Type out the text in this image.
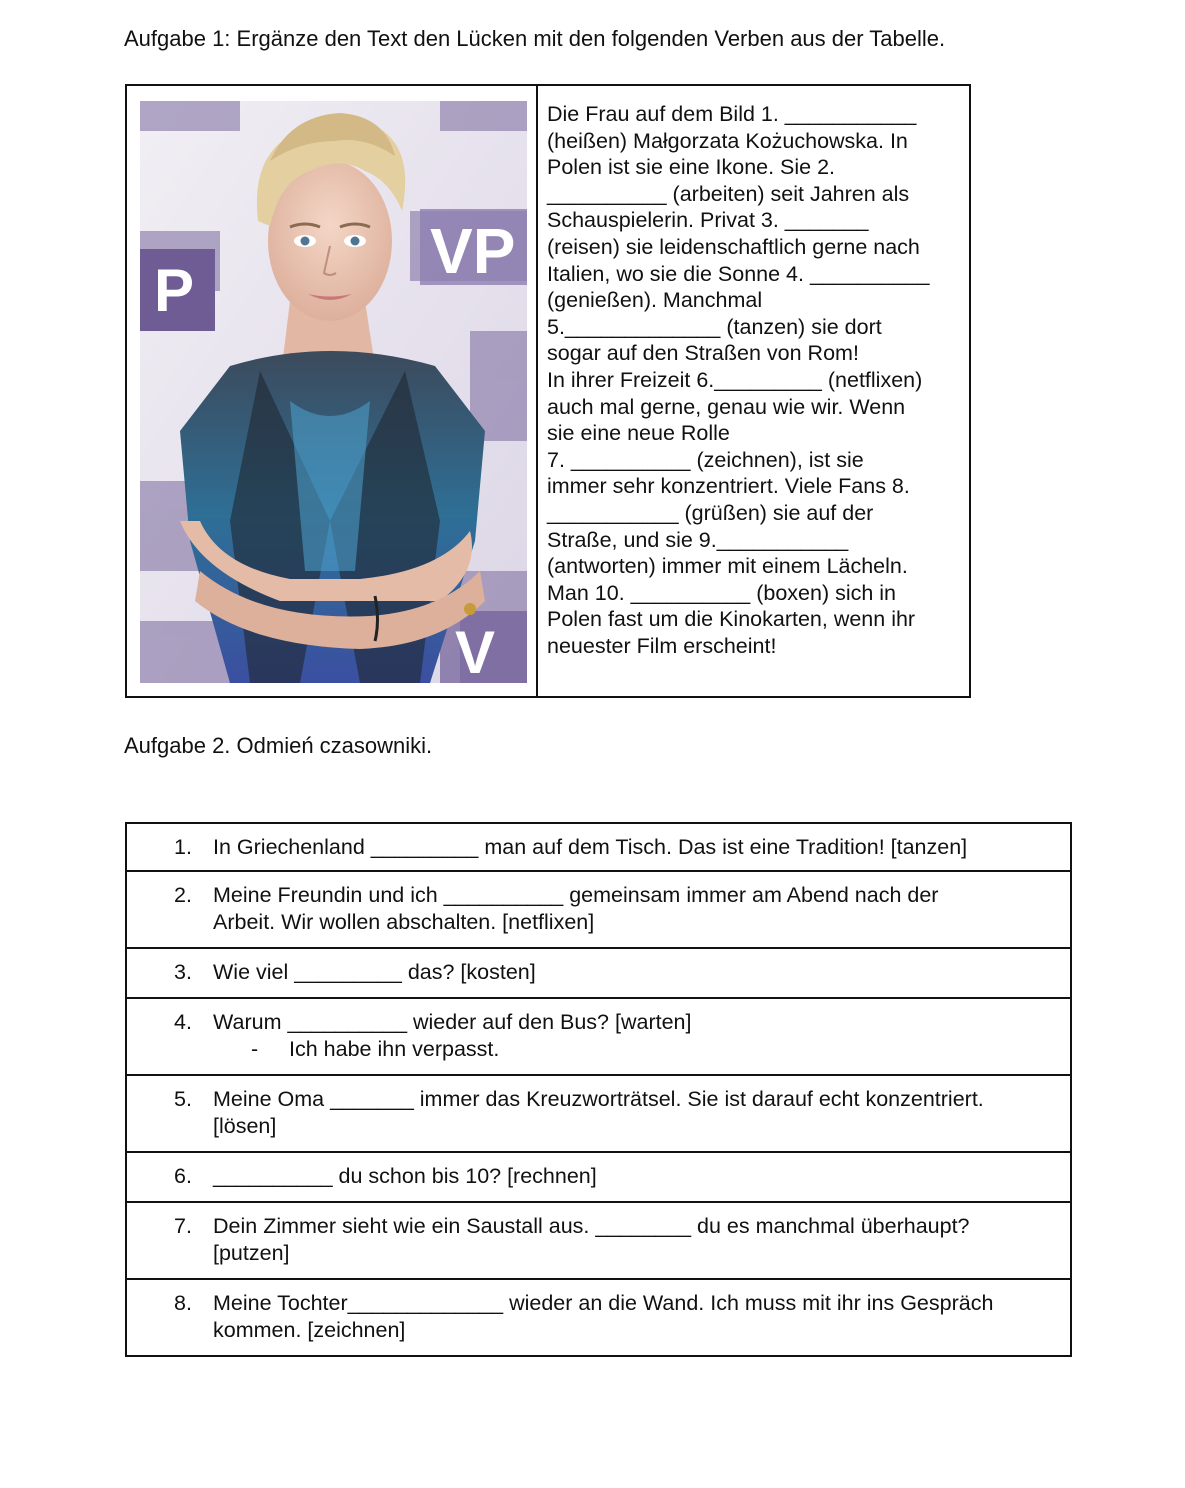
Aufgabe 1: Ergänze den Text den Lücken mit den folgenden Verben aus der Tabelle.
P
VP
V
Die Frau auf dem Bild 1. ___________
(heißen) Małgorzata Kożuchowska. In
Polen ist sie eine Ikone. Sie 2.
__________ (arbeiten) seit Jahren als
Schauspielerin. Privat 3. _______
(reisen) sie leidenschaftlich gerne nach
Italien, wo sie die Sonne 4. __________
(genießen). Manchmal
5._____________ (tanzen) sie dort
sogar auf den Straßen von Rom!
In ihrer Freizeit 6._________ (netflixen)
auch mal gerne, genau wie wir. Wenn
sie eine neue Rolle
7. __________ (zeichnen), ist sie
immer sehr konzentriert. Viele Fans 8.
___________ (grüßen) sie auf der
Straße, und sie 9.___________
(antworten) immer mit einem Lächeln.
Man 10. __________ (boxen) sich in
Polen fast um die Kinokarten, wenn ihr
neuester Film erscheint!
Aufgabe 2. Odmień czasowniki.
1. In Griechenland _________ man auf dem Tisch. Das ist eine Tradition! [tanzen]

2. Meine Freundin und ich __________ gemeinsam immer am Abend nach der
Arbeit. Wir wollen abschalten. [netflixen]

3. Wie viel _________ das? [kosten]

4. Warum __________ wieder auf den Bus? [warten]
- Ich habe ihn verpasst.

5. Meine Oma _______ immer das Kreuzworträtsel. Sie ist darauf echt konzentriert.
[lösen]

6. __________ du schon bis 10? [rechnen]

7. Dein Zimmer sieht wie ein Saustall aus. ________ du es manchmal überhaupt?
[putzen]

8. Meine Tochter_____________ wieder an die Wand. Ich muss mit ihr ins Gespräch
kommen. [zeichnen]
